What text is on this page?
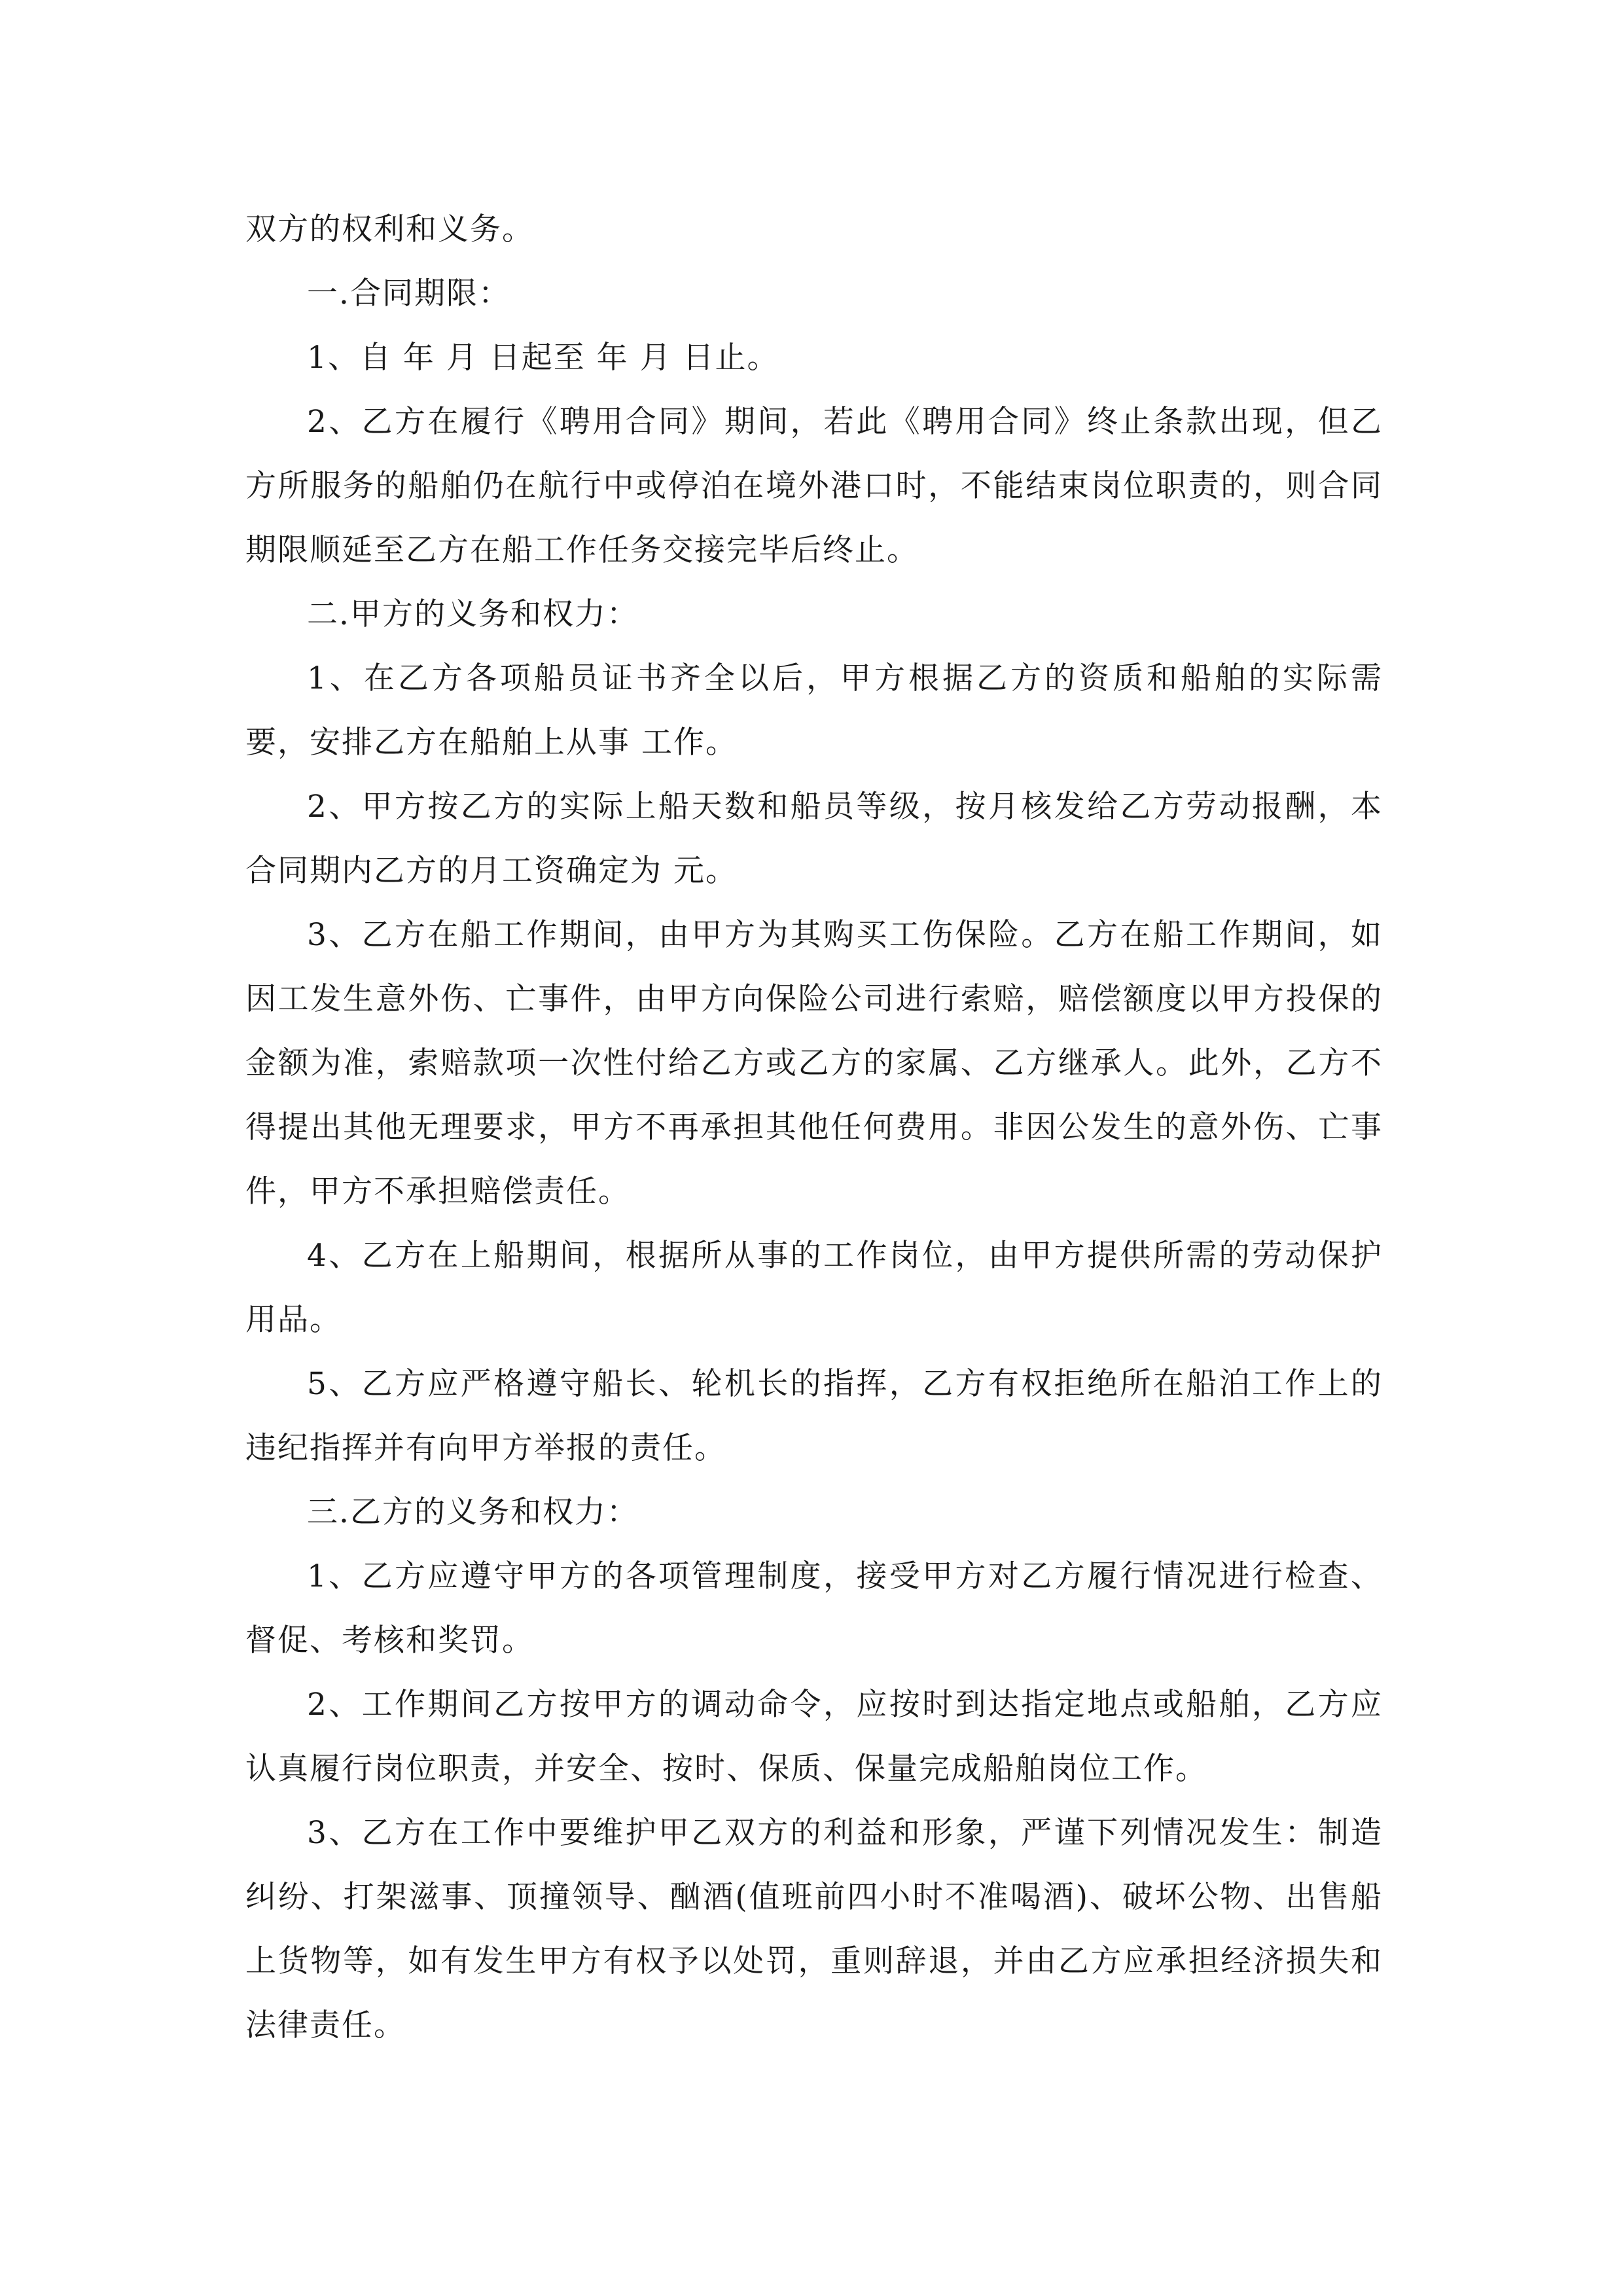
双方的权利和义务。

一.合同期限：

1、自 年 月 日起至 年 月 日止。

2、乙方在履行《聘用合同》期间，若此《聘用合同》终止条款出现，但乙方所服务的船舶仍在航行中或停泊在境外港口时，不能结束岗位职责的，则合同期限顺延至乙方在船工作任务交接完毕后终止。

二.甲方的义务和权力：

1、在乙方各项船员证书齐全以后，甲方根据乙方的资质和船舶的实际需要，安排乙方在船舶上从事 工作。

2、甲方按乙方的实际上船天数和船员等级，按月核发给乙方劳动报酬，本合同期内乙方的月工资确定为 元。

3、乙方在船工作期间，由甲方为其购买工伤保险。乙方在船工作期间，如因工发生意外伤、亡事件，由甲方向保险公司进行索赔，赔偿额度以甲方投保的金额为准，索赔款项一次性付给乙方或乙方的家属、乙方继承人。此外，乙方不得提出其他无理要求，甲方不再承担其他任何费用。非因公发生的意外伤、亡事件，甲方不承担赔偿责任。

4、乙方在上船期间，根据所从事的工作岗位，由甲方提供所需的劳动保护用品。

5、乙方应严格遵守船长、轮机长的指挥，乙方有权拒绝所在船泊工作上的违纪指挥并有向甲方举报的责任。

三.乙方的义务和权力：

1、乙方应遵守甲方的各项管理制度，接受甲方对乙方履行情况进行检查、督促、考核和奖罚。

2、工作期间乙方按甲方的调动命令，应按时到达指定地点或船舶，乙方应认真履行岗位职责，并安全、按时、保质、保量完成船舶岗位工作。

3、乙方在工作中要维护甲乙双方的利益和形象，严谨下列情况发生：制造纠纷、打架滋事、顶撞领导、酗酒(值班前四小时不准喝酒)、破坏公物、出售船上货物等，如有发生甲方有权予以处罚，重则辞退，并由乙方应承担经济损失和法律责任。
